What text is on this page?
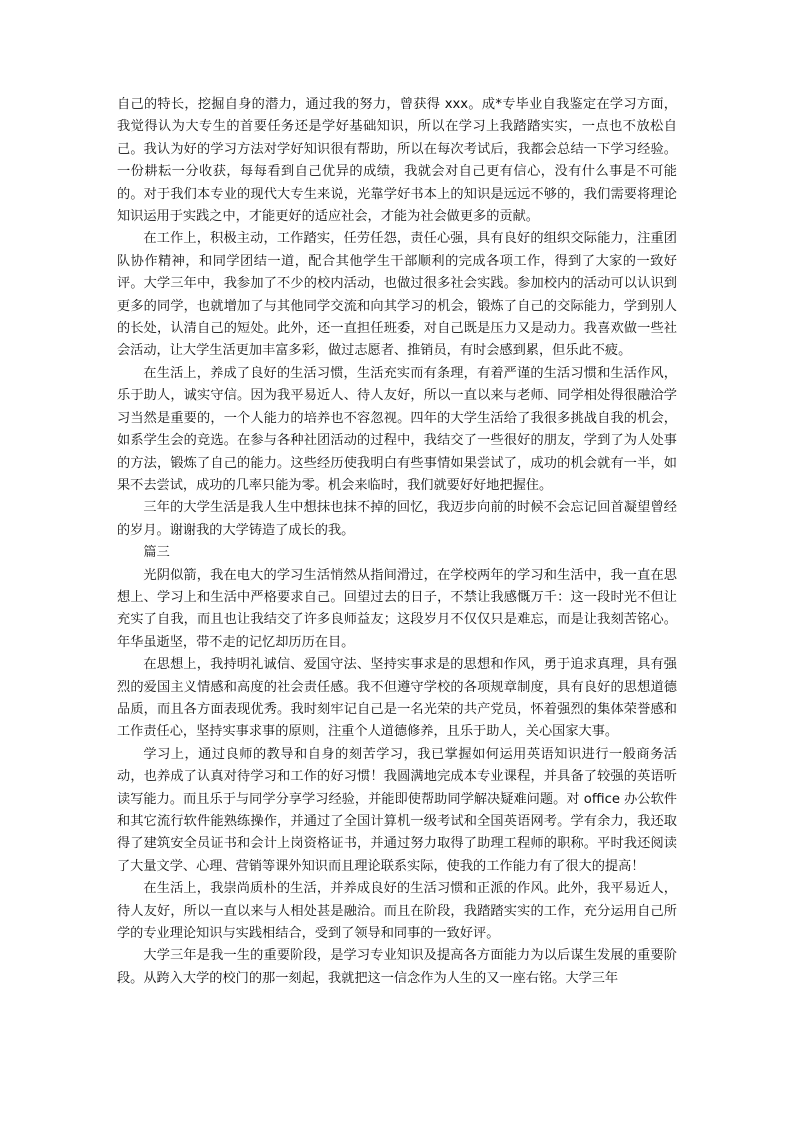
自己的特长，挖掘自身的潜力，通过我的努力，曾获得 xxx。成*专毕业自我鉴定在学习方面，我觉得认为大专生的首要任务还是学好基础知识，所以在学习上我踏踏实实，一点也不放松自己。我认为好的学习方法对学好知识很有帮助，所以在每次考试后，我都会总结一下学习经验。一份耕耘一分收获，每每看到自己优异的成绩，我就会对自己更有信心，没有什么事是不可能的。对于我们本专业的现代大专生来说，光靠学好书本上的知识是远远不够的，我们需要将理论知识运用于实践之中，才能更好的适应社会，才能为社会做更多的贡献。

在工作上，积极主动，工作踏实，任劳任怨，责任心强，具有良好的组织交际能力，注重团队协作精神，和同学团结一道，配合其他学生干部顺利的完成各项工作，得到了大家的一致好评。大学三年中，我参加了不少的校内活动，也做过很多社会实践。参加校内的活动可以认识到更多的同学，也就增加了与其他同学交流和向其学习的机会，锻炼了自己的交际能力，学到别人的长处，认清自己的短处。此外，还一直担任班委，对自己既是压力又是动力。我喜欢做一些社会活动，让大学生活更加丰富多彩，做过志愿者、推销员，有时会感到累，但乐此不疲。

在生活上，养成了良好的生活习惯，生活充实而有条理，有着严谨的生活习惯和生活作风，乐于助人，诚实守信。因为我平易近人、待人友好，所以一直以来与老师、同学相处得很融洽学习当然是重要的，一个人能力的培养也不容忽视。四年的大学生活给了我很多挑战自我的机会，如系学生会的竞选。在参与各种社团活动的过程中，我结交了一些很好的朋友，学到了为人处事的方法，锻炼了自己的能力。这些经历使我明白有些事情如果尝试了，成功的机会就有一半，如果不去尝试，成功的几率只能为零。机会来临时，我们就要好好地把握住。

三年的大学生活是我人生中想抹也抹不掉的回忆，我迈步向前的时候不会忘记回首凝望曾经的岁月。谢谢我的大学铸造了成长的我。

篇三

光阴似箭，我在电大的学习生活悄然从指间滑过，在学校两年的学习和生活中，我一直在思想上、学习上和生活中严格要求自己。回望过去的日子，不禁让我感慨万千：这一段时光不但让充实了自我，而且也让我结交了许多良师益友；这段岁月不仅仅只是难忘，而是让我刻苦铭心。年华虽逝坚，带不走的记忆却历历在目。

在思想上，我持明礼诚信、爱国守法、坚持实事求是的思想和作风，勇于追求真理，具有强烈的爱国主义情感和高度的社会责任感。我不但遵守学校的各项规章制度，具有良好的思想道德品质，而且各方面表现优秀。我时刻牢记自己是一名光荣的共产党员，怀着强烈的集体荣誉感和工作责任心，坚持实事求事的原则，注重个人道德修养，且乐于助人，关心国家大事。

学习上，通过良师的教导和自身的刻苦学习，我已掌握如何运用英语知识进行一般商务活动，也养成了认真对待学习和工作的好习惯！我圆满地完成本专业课程，并具备了较强的英语听读写能力。而且乐于与同学分享学习经验，并能即使帮助同学解决疑难问题。对 office 办公软件和其它流行软件能熟练操作，并通过了全国计算机一级考试和全国英语网考。学有余力，我还取得了建筑安全员证书和会计上岗资格证书，并通过努力取得了助理工程师的职称。平时我还阅读了大量文学、心理、营销等课外知识而且理论联系实际，使我的工作能力有了很大的提高！

在生活上，我崇尚质朴的生活，并养成良好的生活习惯和正派的作风。此外，我平易近人，待人友好，所以一直以来与人相处甚是融洽。而且在阶段，我踏踏实实的工作，充分运用自己所学的专业理论知识与实践相结合，受到了领导和同事的一致好评。

大学三年是我一生的重要阶段，是学习专业知识及提高各方面能力为以后谋生发展的重要阶段。从跨入大学的校门的那一刻起，我就把这一信念作为人生的又一座右铭。大学三年
